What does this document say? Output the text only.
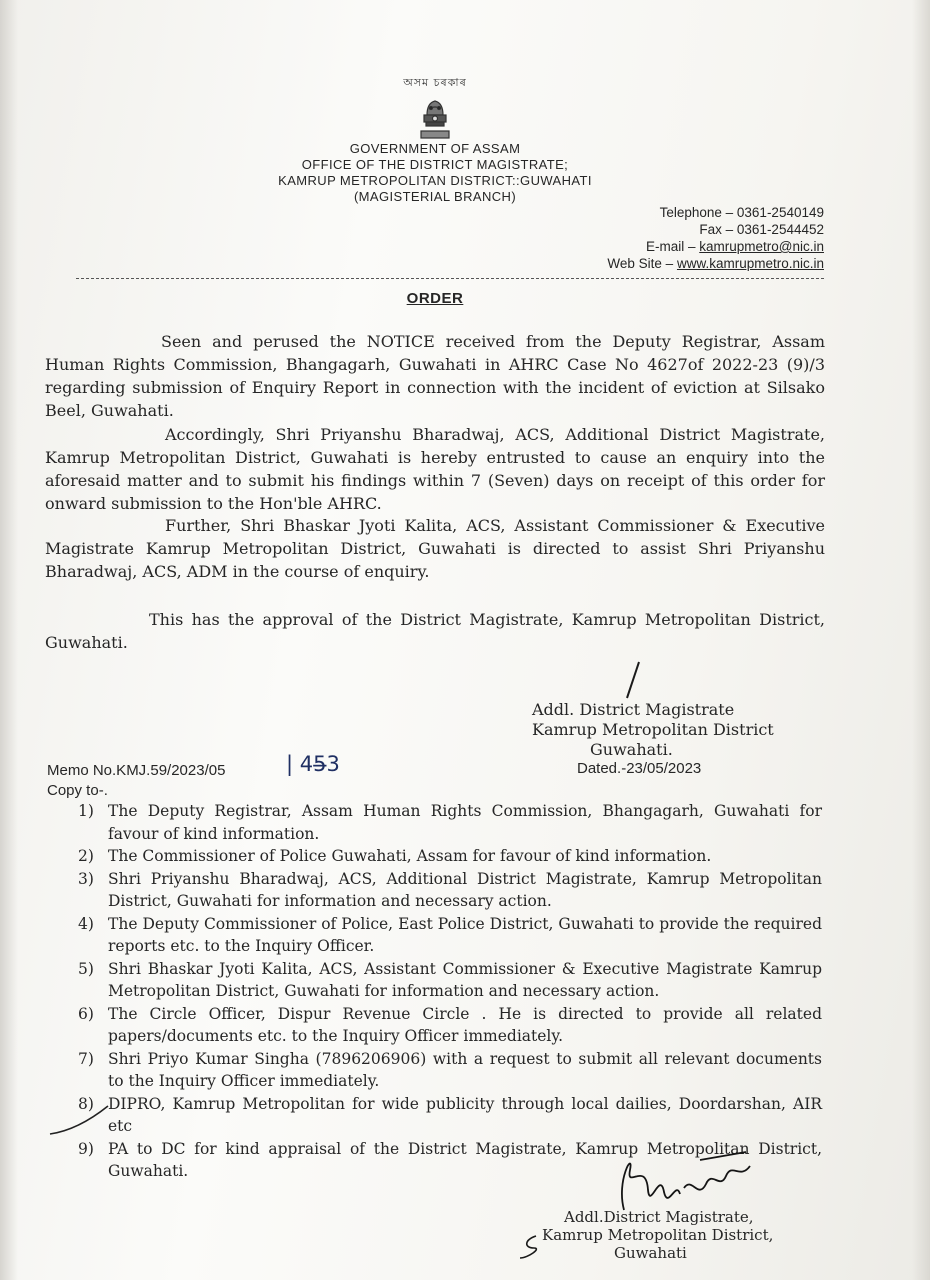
অসম চৰকাৰ
GOVERNMENT OF ASSAM
OFFICE OF THE DISTRICT MAGISTRATE;
KAMRUP METROPOLITAN DISTRICT::GUWAHATI
(MAGISTERIAL BRANCH)
Telephone – 0361-2540149
Fax – 0361-2544452
E-mail – kamrupmetro@nic.in
Web Site – www.kamrupmetro.nic.in
ORDER
Seen and perused the NOTICE received from the Deputy Registrar, Assam Human Rights Commission, Bhangagarh, Guwahati in AHRC Case No 4627of 2022-23 (9)/3 regarding submission of Enquiry Report in connection with the incident of eviction at Silsako Beel, Guwahati.
Accordingly, Shri Priyanshu Bharadwaj, ACS, Additional District Magistrate, Kamrup Metropolitan District, Guwahati is hereby entrusted to cause an enquiry into the aforesaid matter and to submit his findings within 7 (Seven) days on receipt of this order for onward submission to the Hon'ble AHRC.
Further, Shri Bhaskar Jyoti Kalita, ACS, Assistant Commissioner & Executive Magistrate Kamrup Metropolitan District, Guwahati is directed to assist Shri Priyanshu Bharadwaj, ACS, ADM in the course of enquiry.
This has the approval of the District Magistrate, Kamrup Metropolitan District, Guwahati.
Addl. District Magistrate
Kamrup Metropolitan District
Guwahati.
Memo No.KMJ.59/2023/05	| 45̶3	Dated.-23/05/2023
Copy to-.
1) The Deputy Registrar, Assam Human Rights Commission, Bhangagarh, Guwahati for favour of kind information.
2) The Commissioner of Police Guwahati, Assam for favour of kind information.
3) Shri Priyanshu Bharadwaj, ACS, Additional District Magistrate, Kamrup Metropolitan District, Guwahati for information and necessary action.
4) The Deputy Commissioner of Police, East Police District, Guwahati to provide the required reports etc. to the Inquiry Officer.
5) Shri Bhaskar Jyoti Kalita, ACS, Assistant Commissioner & Executive Magistrate Kamrup Metropolitan District, Guwahati for information and necessary action.
6) The Circle Officer, Dispur Revenue Circle . He is directed to provide all related papers/documents etc. to the Inquiry Officer immediately.
7) Shri Priyo Kumar Singha (7896206906) with a request to submit all relevant documents to the Inquiry Officer immediately.
8) DIPRO, Kamrup Metropolitan for wide publicity through local dailies, Doordarshan, AIR etc
9) PA to DC for kind appraisal of the District Magistrate, Kamrup Metropolitan District, Guwahati.
Addl.District Magistrate,
Kamrup Metropolitan District,
Guwahati
